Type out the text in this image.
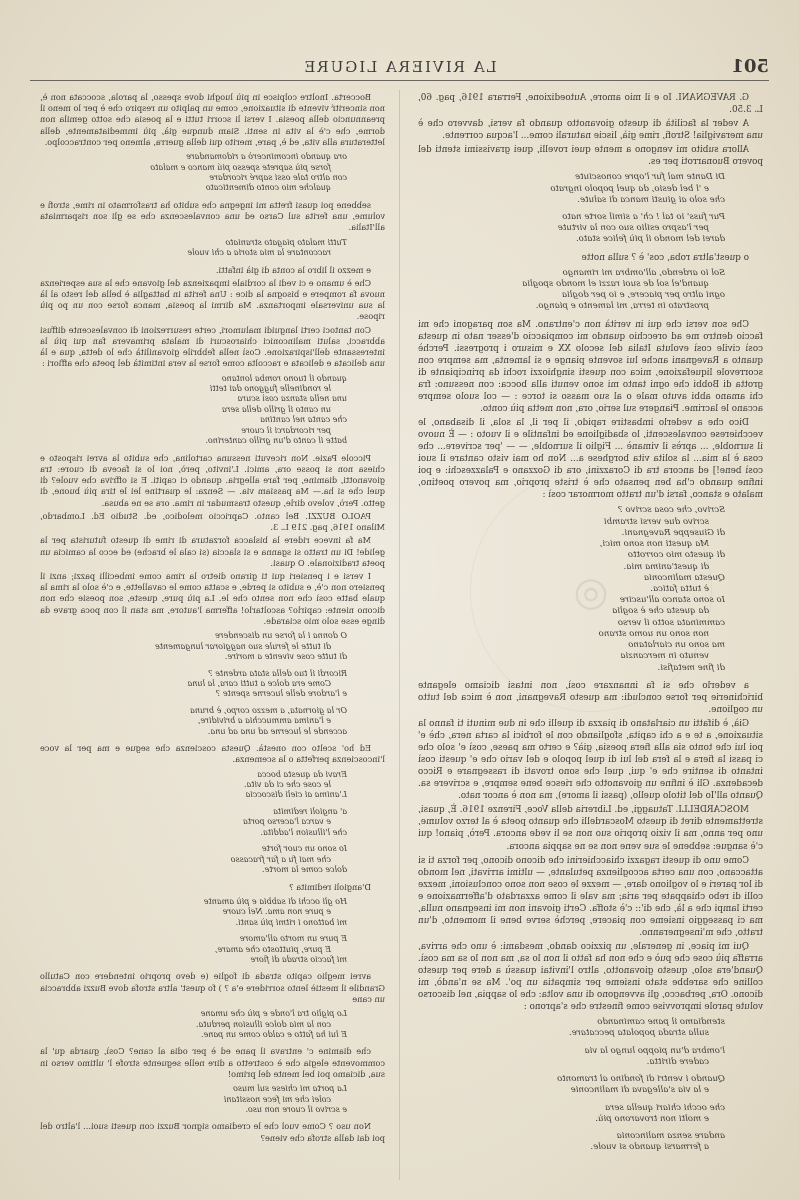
◎
501
LA RIVIERA LIGURE

G. RAVEGNANI. Io e il mio amore, Autoedizione, Ferrara 1916, pag. 60, L. 3.50.

A veder la facilità di questo giovanotto quando fa versi, davvero che è una meraviglia! Strofi, rime già, liscie naturali come... l'acqua corrente.

Allora subito mi vengono a mente quei rovelli, quei gravissimi stenti del povero Buonarroti per es.

Di Dante mal fur l'opre conosciute
e 'l bel desio, da quel popolo ingrato
che solo ai giusti manca di salute.
Pur fuss' io tal ! ch' a simil sorte nato
per l'aspro esilio suo con la virtute
darei del mondo il più felice stato.

o quest'altra roba, cos' è ? sulla notte

Sol io ardendo, all'ombra mi rimango
quand'el sol de suoi razzi el mondo spoglia
ogni altro per piacere, e io per doglia
prostrato in terra, mi lamento e piango.

Che son versi che qui in verità non c'entrano. Ma son paragoni che mi faccio dentro me ad orecchio quando mi compiaccio d'esser nato in questa così civile così evoluta Italia del secolo XX e misuro i progressi. Perchè quanto a Ravegnani anche lui sovente piange e si lamenta, ma sempre con scorrevole liquefazione, mica con questi singhiozzi rochi da principiante di grotta di Bobbi che ogni tanto mi sono venuti alla bocca: con nessuno: fra chi amano abbi avuto male o al suo masso si torce : — col suolo sempre accano le lacrime. Piangere sul serio, ora, non metta più conto.

Dico che a vederlo imbastire rapido, il per il, la sola, il disabano, le vecchierese convalescenti, lo sbadiglione ed infantile e il vuoto : — È nuovo il surnoble, ... après il vimanè ... Figlio il surnoble, — — 'per scrivere... che cosa è la mia... la solita vita borghese a... Non ho mai visto cantare il suoi così bene!] ed ancora tra di Corazzini, ora di Gozzano e Palazzeschi: e poi infine quando c'ha ben pensato che è triste proprio, ma povero poetino, malato e stanco, farsi d'un tratto mormorar così :

Scrivo, che cosa scrivo ?
scrivo due versi strambi
di Giuseppe Ravegnani.
Ma questi non sono mici,
di questo mio corrotto
di quest'anima mia.
Questa malinconia
è tutta fatica.
Io sono stanco all'uscire
da questa che è soglia
camminata sotto il verso
non sono un uomo strano
ma sono un ciarlatano
venuto in mercanzia
di fine metafisi.

a vederlo che si fa innanzare così, non intasi diciamo elegante birichinerie per forse concludi: ma questo Ravegnani, non è mica del tutto un coglione.

Già, è difatti un ciarlatano di piazza di quelli che in due minuti ti fanno la situazione, a te e a chi capita, sfogliando con le forbici la carta nera, chè e' poi lui che tonto sia alla fiera poesia, già? e certo ma paese, così e' solo che ci passi la fiera e la fera del lui di quel popolo e del vario che e' questi così intanto di sentire che e' qui, quel che sono trovati di rassegnare e Ricco decadenza. Gli è infine un giovanotto che riesce bene sempre, e scrivere sa. Quanto all'Io del titolo quello, (passi il amore), ma non è ancor nato.

MOSCARDELLI. Tatuaggi, ed. Libreria della Voce, Firenze 1916. È, quasi, strettamente diret di questo Moscardelli che quanto poeta è al terzo volume, uno per anno, ma il vizio proprio suo non se li vede ancora. Però, piano! qui c'è sangue: sebbene le sue vene non se ne sappia ancora.

Come uno di questi ragazzi chiacchierini che dicono dicono, per forza ti si attaccano, con una certa accoglienza petulante, — ultimi arrivati, nel mondo di lor pareri e lo vogliono dare, — mezze le cose non sono conclusioni, mezze colli di rebo chiappate per aria; ma vale il come azzardato d'affermazione e certi lampi che a là, che di':: c'è stoffa. Certi giovani non mi insegnano nulla, ma ci passeggio insieme con piacere, perchè serve bene il momento, d'un tratto, che m'insegneranno.

Qui mi piace, in generale, un pizzico dando, mesdami: è uno che arriva, arraffa più cose che può e che non ha fatto il non lo sa, ma non lo sa ma così. Quand'era solo, questo giovanotto, altro l'invitai quassù a dere per questo colline che sarebbe stato insieme per simpatia un po'. Ma se n'andò, mi dicono. Ora, perbacco, gli avvengono di una volta: che lo sappia, nel discorso volute parole improvvise come finestre che s'aprono :

stendiamo il pane caminando
sulla strada popolata peccatare.
l'ombra d'un pioppo lungo la via
cadere diritta.
Quando i ventri di fondino al tramonto
e la via s'allegava di malinconie
che occhi chiari quella sera
e molti non trovarono più.
andare senza malinconia
a fermarsi quando si vuole.

Boccerta. Inoltre colpisce in più luoghi dove spesso, la parola, scoccata non è, non sinceritŕ vivente di situazione, come un palpito un respiro che è per lo meno il preannuncio della poesia. I versi li scorri tutti e la poesia che sotto gemila non dorme, che c'è la vita in senti. Siam dunque già, più immediatamente, della letteratura alla vita, ed è, pare, merito qui della guerra, almeno per contraccolpo.

ora quando incomincerò a ridomandare
forse più saprete spesso piú manco e malato
con altro tale ossi sapré ricordare
qualche mio conto dimenticato

sebbene poi quasi fretta mi ingegna che subito ha trasformato in rime, strofi e volume, una ferita sul Carso ed una convalescenza che se gli son risparmiata all'Italia.

Tutti malato piagato straniato
raccontare la mia storia a chi vuole

e mezzo il libro la conta di già infatti.

Che è umano e ci vedi la cordiale impazienza del giovane che la sua esperienza nuova fa rompere e bisogna la dice : Una ferita in battaglia è bella del resto al là la sua universale importanza. Ma dirmi la poesia, manca forse con un po più ripose.

Con tantoci certi languidi malumori, certe resurrezioni di convalescente diffusi abbracci, saluti malinconici chiaroscuri di malata primavera fan qui più la interessante dell'ispirazione. Così nella febbrile giovanilità che lo detta, qua e là una delicata e delicata e raccolta come forse la vera intimità del poeta che affiori :

quando il tuono romba lontano
le rondinelle fuggono dai tetti
una nella stanza così scura
un canto il grillo della sera
che canta nel cantina
per ricordarci il cuore
batte il canto d'un grillo canterino.

Piccole Pazie. Non ricevuti nessuna cartolina, che subito la avrei risposto e chiesa non si posse ora, amici. L'invito, però, noi lo si faceva di cuore: tra giovanotti, diamine, per fare allegria. quando ci capiti. E si offriva che vuole? di quel che si ha.— Ma passiam via. — Senza: le quartine lei le tira più buone, di getto. Però, volevo dirle, questo trasmudar in rima. ora se ne abusa.

PAOLO BUZZI. Bel canto. Capriccio melodico, ed. Studio Ed. Lombardo, Milano 1916, pag. 219 L. 3.

Ma fa invece ridere la bislacca forzatura di rime di questo futurista per la gelide! Di un tratto si sganna e si slaccia (si cala le brache) ed ecco la camicia un poeta tradizionale. O quasi.

I versi e i pensieri qui ti girano dietro la rima come imbecilli pazzi; anzi il pensiero non c'è, e subito si perde, e scatta come le cavallette, e c'è solo la rima la quale batte così che non sento che le. La più pure, queste, son poesie che non dicono niente: capirlo? ascoltarlo! afferma l'autore, ma stan il con poca grave da dinge esse solo mio sciarade.

O donna i la forse un discendere
di tutte le ferule suo naggiorar lungamente
di tutte cose vivente a morire.
Ricordi il tuo della stata ardente ?
Come era dolce a tutti cara, la luna
e l'ardore delle lucerne spente ?
Or la giornata, a mezzo corpo, è bruna
e l'anima ammucchia a brividire,
accende le lucerne ad una ad una.

Ed ho' scelto con onestà. Questa coscienza che segue e ma per la voce l'incoscienza perfetta o la scemenza.

Eravi da questa bocca
le cose che ci da vita.
L'anima ai cieli discoccia
a' angioli redimita
e varca l'acerso porta
che l'illusion l'addita.
Io sono un cuor forte
che mai fu a far fracasso
dolce come la morte.

D'angioli redimita ?

Ho gli occhi di sabbia e più amante
e pure non ama. Nel cuore
mi battono i ritmi più santi.
E pure un morto all'amore
E pure, piuttosto che amare,
mi faccio strada di fiore

avrei meglio capito strada di foglie (e devo proprio intendere con Catullo Grandile il mestiè lento sorridere e'a ? ) fo quest' altra strofa dove Buzzi abbraccia un cane

Lo piglio tra l'onde e più che umane
con la mia dolce illusion perduta.
E lui ha fatto e caldo come un pane.

che diamine c' entrava il pane ed è per odia al cane? Così, guarda qu' la commovente elegia che è costretto a dire nelle seguente strofe l' ultimo verso in sua, diciamo poi bel mente del primo!

La porta mi chiese sul muso
colei che mi fece nossitani
e scrivo il cuore non uso.

Non uso ? Come vuol che le crediamo signor Buzzi con questi suoi... l'altro del poi dai dalla strofa che viene?
